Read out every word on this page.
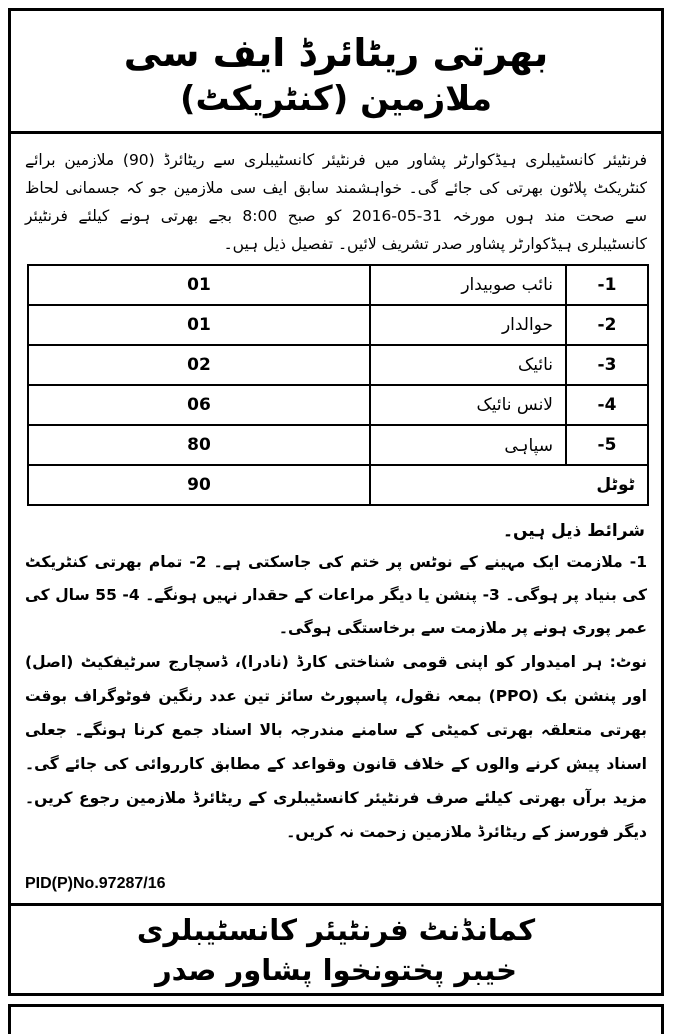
بھرتی ریٹائرڈ ایف سی
ملازمین (کنٹریکٹ)
فرنٹیئر کانسٹیبلری ہیڈکوارٹر پشاور میں فرنٹیئر کانسٹیبلری سے ریٹائرڈ (90) ملازمین برائے کنٹریکٹ پلاٹون بھرتی کی جائے گی۔ خواہشمند سابق ایف سی ملازمین جو کہ جسمانی لحاظ سے صحت مند ہوں مورخہ 31-05-2016 کو صبح 8:00 بجے بھرتی ہونے کیلئے فرنٹیئر کانسٹیبلری ہیڈکوارٹر پشاور صدر تشریف لائیں۔ تفصیل ذیل ہیں۔
1-	نائب صوبیدار	01
2-	حوالدار	01
3-	نائیک	02
4-	لانس نائیک	06
5-	سپاہی	80
ٹوٹل		90
شرائط ذیل ہیں۔
1- ملازمت ایک مہینے کے نوٹس پر ختم کی جاسکتی ہے۔ 2- تمام بھرتی کنٹریکٹ کی بنیاد پر ہوگی۔ 3- پنشن یا دیگر مراعات کے حقدار نہیں ہونگے۔ 4- 55 سال کی عمر پوری ہونے پر ملازمت سے برخاستگی ہوگی۔
نوٹ: ہر امیدوار کو اپنی قومی شناختی کارڈ (نادرا)، ڈسچارج سرٹیفکیٹ (اصل) اور پنشن بک (PPO) بمعہ نقول، پاسپورٹ سائز تین عدد رنگین فوٹوگراف بوقت بھرتی متعلقہ بھرتی کمیٹی کے سامنے مندرجہ بالا اسناد جمع کرنا ہونگے۔ جعلی اسناد پیش کرنے والوں کے خلاف قانون وقواعد کے مطابق کارروائی کی جائے گی۔ مزید برآں بھرتی کیلئے صرف فرنٹیئر کانسٹیبلری کے ریٹائرڈ ملازمین رجوع کریں۔ دیگر فورسز کے ریٹائرڈ ملازمین زحمت نہ کریں۔
PID(P)No.97287/16
کمانڈنٹ فرنٹیئر کانسٹیبلری
خیبر پختونخوا پشاور صدر
